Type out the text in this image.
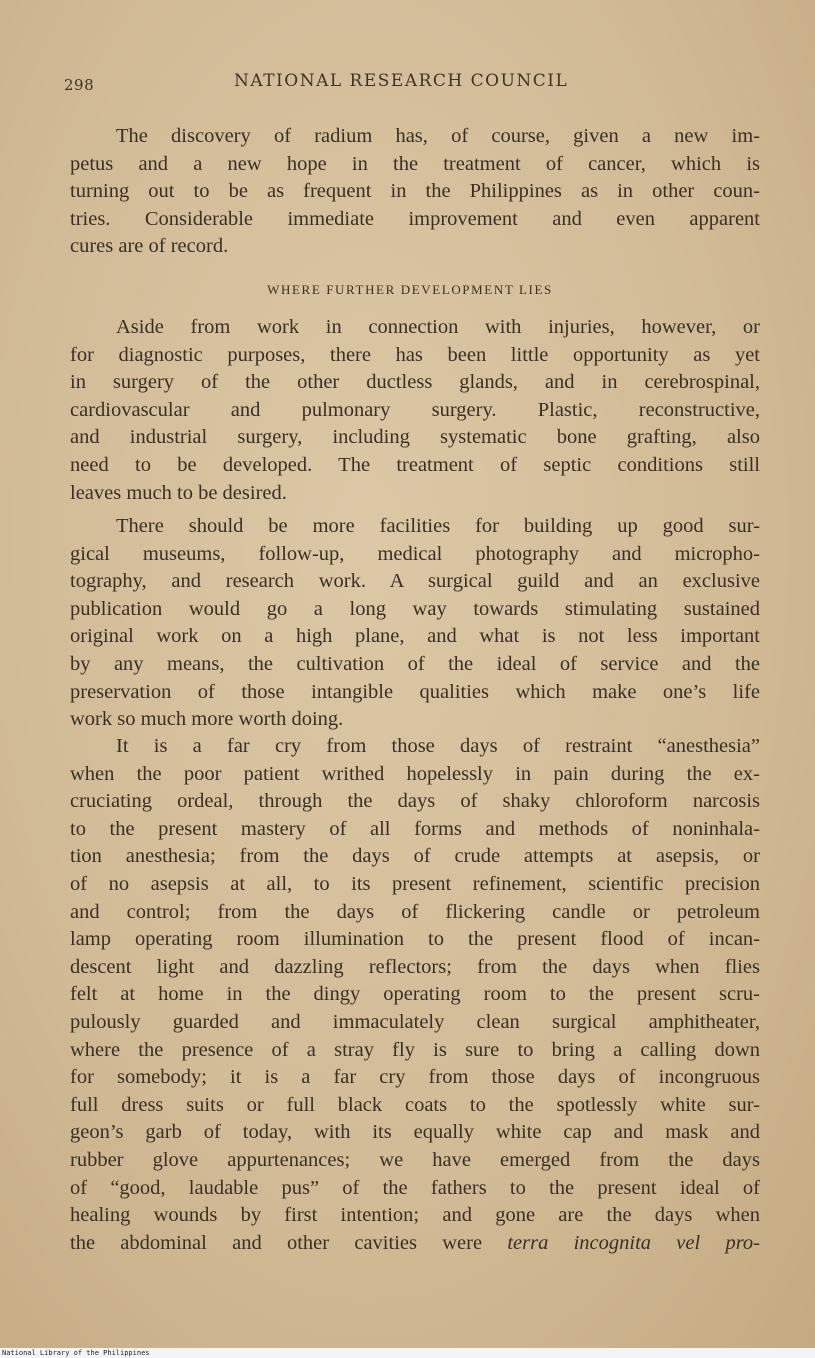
298	NATIONAL RESEARCH COUNCIL
The discovery of radium has, of course, given a new im-
petus and a new hope in the treatment of cancer, which is
turning out to be as frequent in the Philippines as in other coun-
tries. Considerable immediate improvement and even apparent
cures are of record.
WHERE FURTHER DEVELOPMENT LIES
Aside from work in connection with injuries, however, or
for diagnostic purposes, there has been little opportunity as yet
in surgery of the other ductless glands, and in cerebrospinal,
cardiovascular and pulmonary surgery. Plastic, reconstructive,
and industrial surgery, including systematic bone grafting, also
need to be developed. The treatment of septic conditions still
leaves much to be desired.
There should be more facilities for building up good sur-
gical museums, follow-up, medical photography and micropho-
tography, and research work. A surgical guild and an exclusive
publication would go a long way towards stimulating sustained
original work on a high plane, and what is not less important
by any means, the cultivation of the ideal of service and the
preservation of those intangible qualities which make one’s life
work so much more worth doing.
It is a far cry from those days of restraint “anesthesia”
when the poor patient writhed hopelessly in pain during the ex-
cruciating ordeal, through the days of shaky chloroform narcosis
to the present mastery of all forms and methods of noninhala-
tion anesthesia; from the days of crude attempts at asepsis, or
of no asepsis at all, to its present refinement, scientific precision
and control; from the days of flickering candle or petroleum
lamp operating room illumination to the present flood of incan-
descent light and dazzling reflectors; from the days when flies
felt at home in the dingy operating room to the present scru-
pulously guarded and immaculately clean surgical amphitheater,
where the presence of a stray fly is sure to bring a calling down
for somebody; it is a far cry from those days of incongruous
full dress suits or full black coats to the spotlessly white sur-
geon’s garb of today, with its equally white cap and mask and
rubber glove appurtenances; we have emerged from the days
of “good, laudable pus” of the fathers to the present ideal of
healing wounds by first intention; and gone are the days when
the abdominal and other cavities were terra incognita vel pro-
National Library of the Philippines
